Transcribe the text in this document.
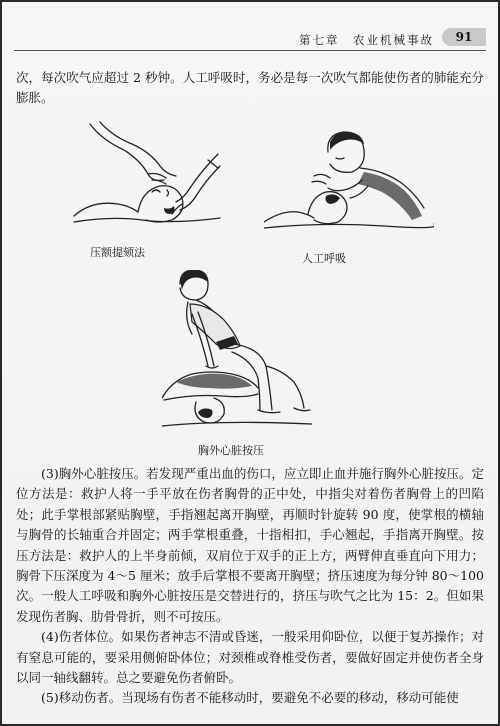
第七章　农业机械事故	91

次，每次吹气应超过 2 秒钟。人工呼吸时，务必是每一次吹气都能使伤者的肺能充分膨胀。

压额提颏法	人工呼吸
胸外心脏按压

(3)胸外心脏按压。若发现严重出血的伤口，应立即止血并施行胸外心脏按压。定位方法是：救护人将一手平放在伤者胸骨的正中处，中指尖对着伤者胸骨上的凹陷处；此手掌根部紧贴胸壁，手指翘起离开胸壁，再顺时针旋转 90 度，使掌根的横轴与胸骨的长轴重合并固定；两手掌根重叠，十指相扣，手心翘起，手指离开胸壁。按压方法是：救护人的上半身前倾，双肩位于双手的正上方，两臂伸直垂直向下用力；胸骨下压深度为 4～5 厘米；放手后掌根不要离开胸壁；挤压速度为每分钟 80～100 次。一般人工呼吸和胸外心脏按压是交替进行的，挤压与吹气之比为 15：2。但如果发现伤者胸、肋骨骨折，则不可按压。

(4)伤者体位。如果伤者神志不清或昏迷，一般采用仰卧位，以便于复苏操作；对有窒息可能的，要采用侧俯卧体位；对颈椎或脊椎受伤者，要做好固定并使伤者全身以同一轴线翻转。总之要避免伤者俯卧。

(5)移动伤者。当现场有伤者不能移动时，要避免不必要的移动，移动可能使
